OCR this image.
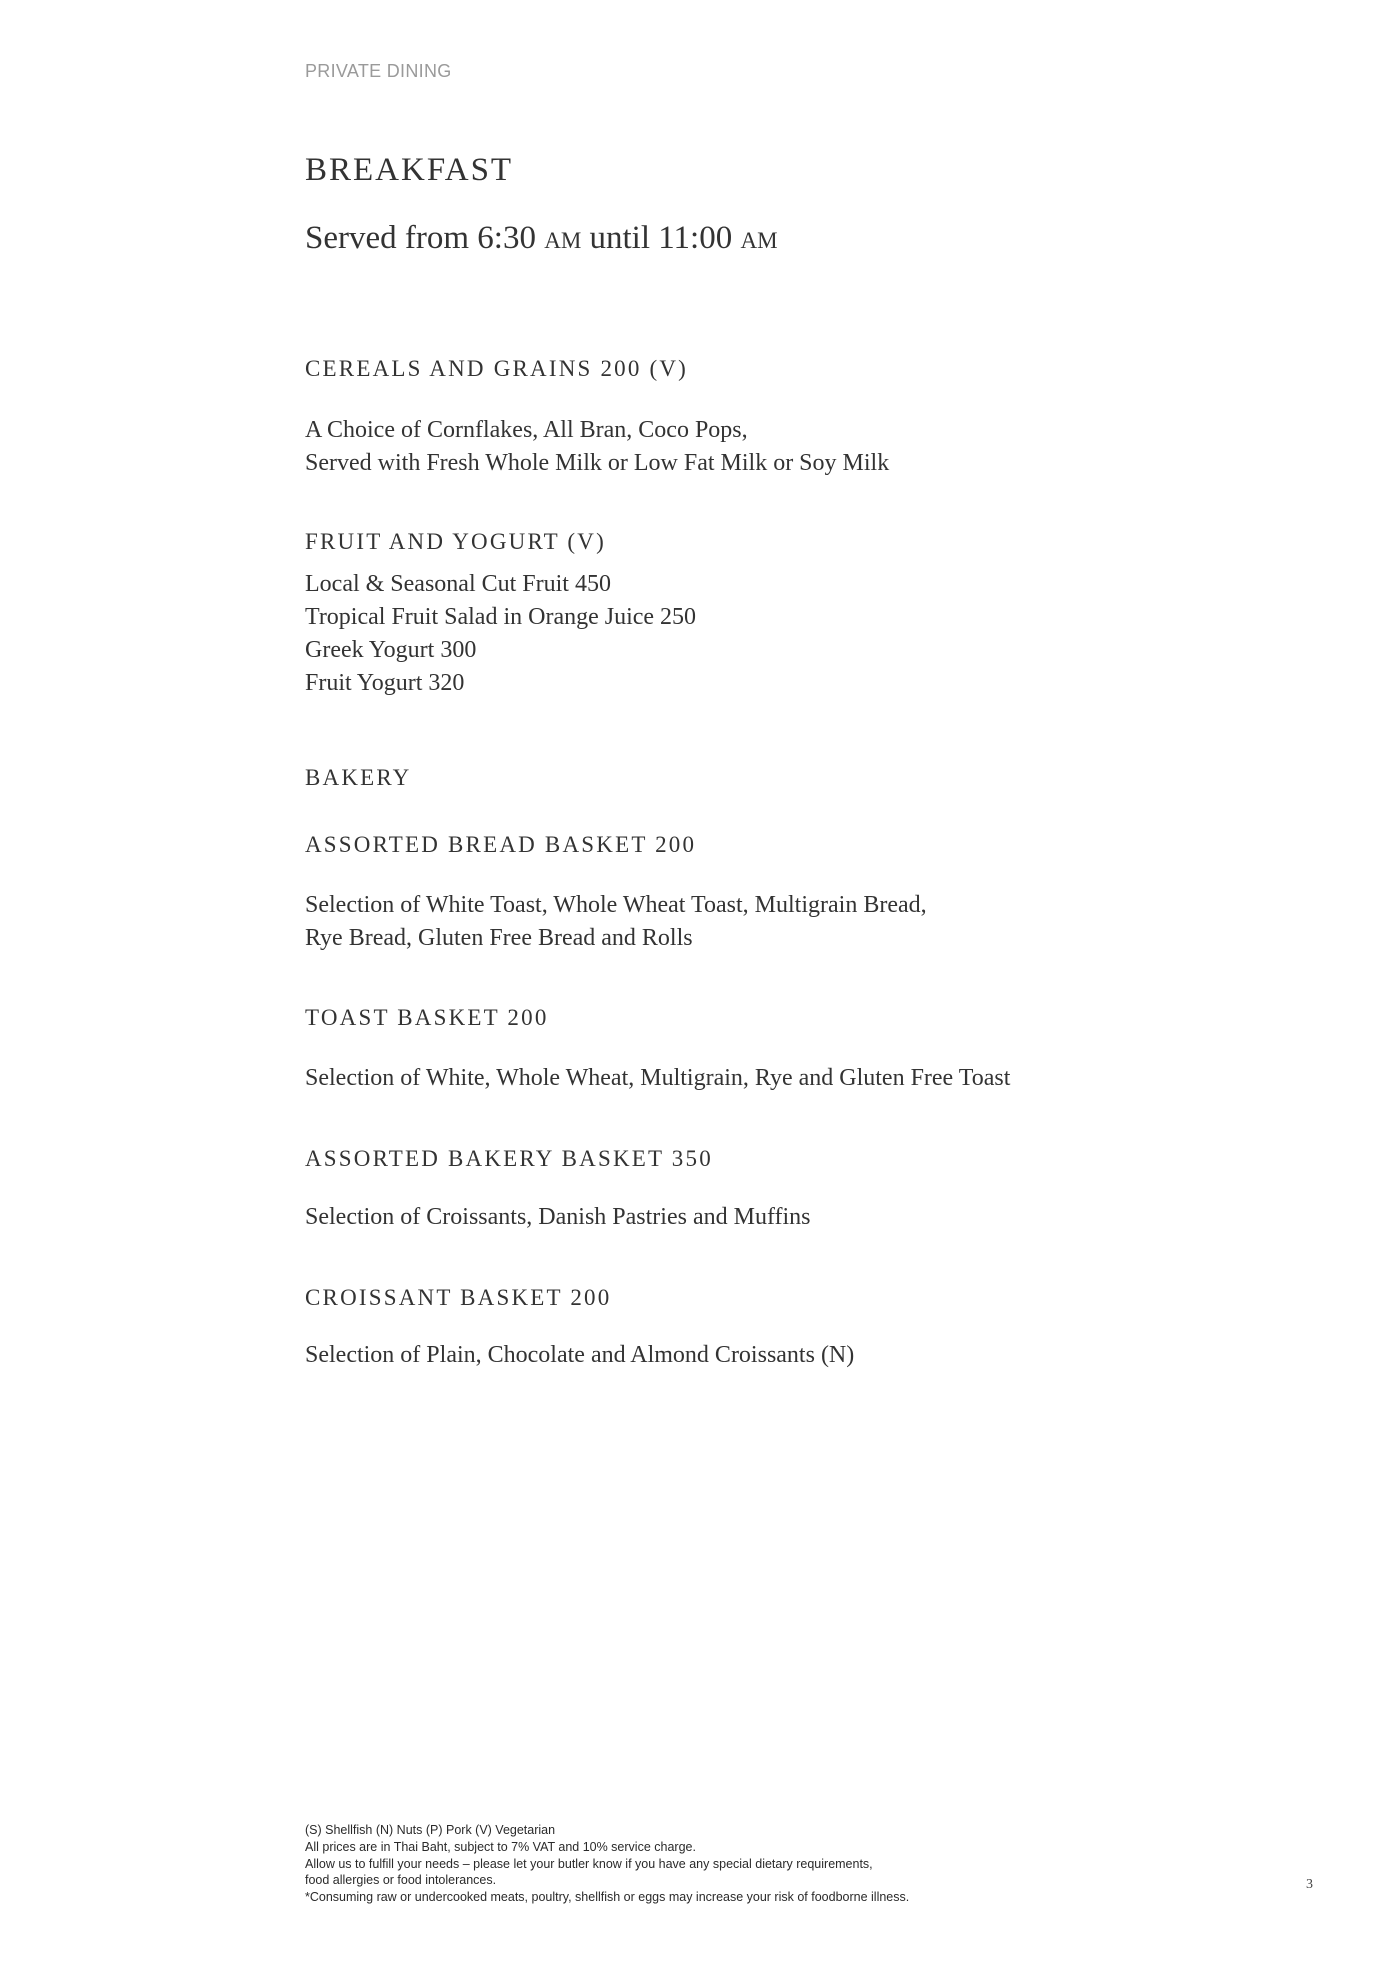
PRIVATE DINING
BREAKFAST
Served from 6:30 am until 11:00 am
CEREALS AND GRAINS 200 (V)
A Choice of Cornflakes, All Bran, Coco Pops,
Served with Fresh Whole Milk or Low Fat Milk or Soy Milk
FRUIT AND YOGURT (V)
Local & Seasonal Cut Fruit 450
Tropical Fruit Salad in Orange Juice 250
Greek Yogurt 300
Fruit Yogurt 320
BAKERY
ASSORTED BREAD BASKET 200
Selection of White Toast, Whole Wheat Toast, Multigrain Bread,
Rye Bread, Gluten Free Bread and Rolls
TOAST BASKET 200
Selection of White, Whole Wheat, Multigrain, Rye and Gluten Free Toast
ASSORTED BAKERY BASKET 350
Selection of Croissants, Danish Pastries and Muffins
CROISSANT BASKET 200
Selection of Plain, Chocolate and Almond Croissants (N)
(S) Shellfish (N) Nuts (P) Pork (V) Vegetarian
All prices are in Thai Baht, subject to 7% VAT and 10% service charge.
Allow us to fulfill your needs – please let your butler know if you have any special dietary requirements,
food allergies or food intolerances.
*Consuming raw or undercooked meats, poultry, shellfish or eggs may increase your risk of foodborne illness.
3
